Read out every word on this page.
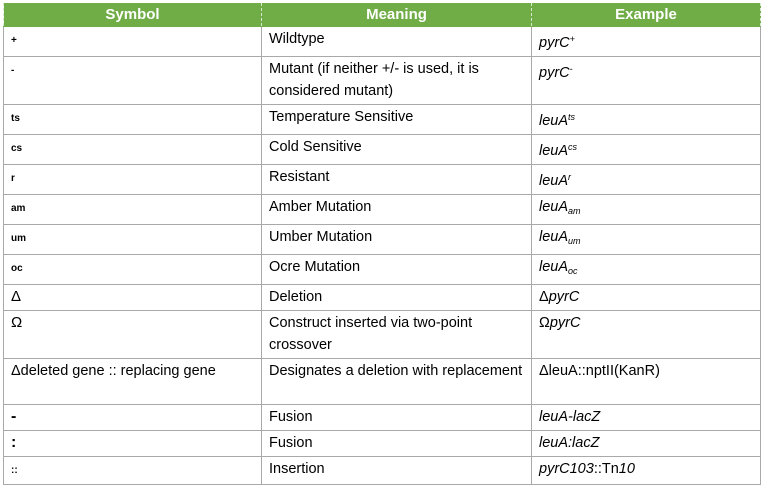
Symbol	Meaning	Example
+	Wildtype	pyrC+
-	Mutant (if neither +/- is used, it is considered mutant)	pyrC-
ts	Temperature Sensitive	leuA$^{ts}$
cs	Cold Sensitive	leuA$^{cs}$
r	Resistant	leuA$^r$
am	Amber Mutation	leuA$_{am}$
um	Umber Mutation	leuA$_{um}$
oc	Ocre Mutation	leuA$_{oc}$
Δ	Deletion	ΔpyrC
Ω	Construct inserted via two-point crossover	ΩpyrC
Δdeleted gene :: replacing gene	Designates a deletion with replacement	ΔleuA::nptII(KanR)
-	Fusion	leuA-lacZ
:	Fusion	leuA:lacZ
::	Insertion	pyrC103::Tn10
